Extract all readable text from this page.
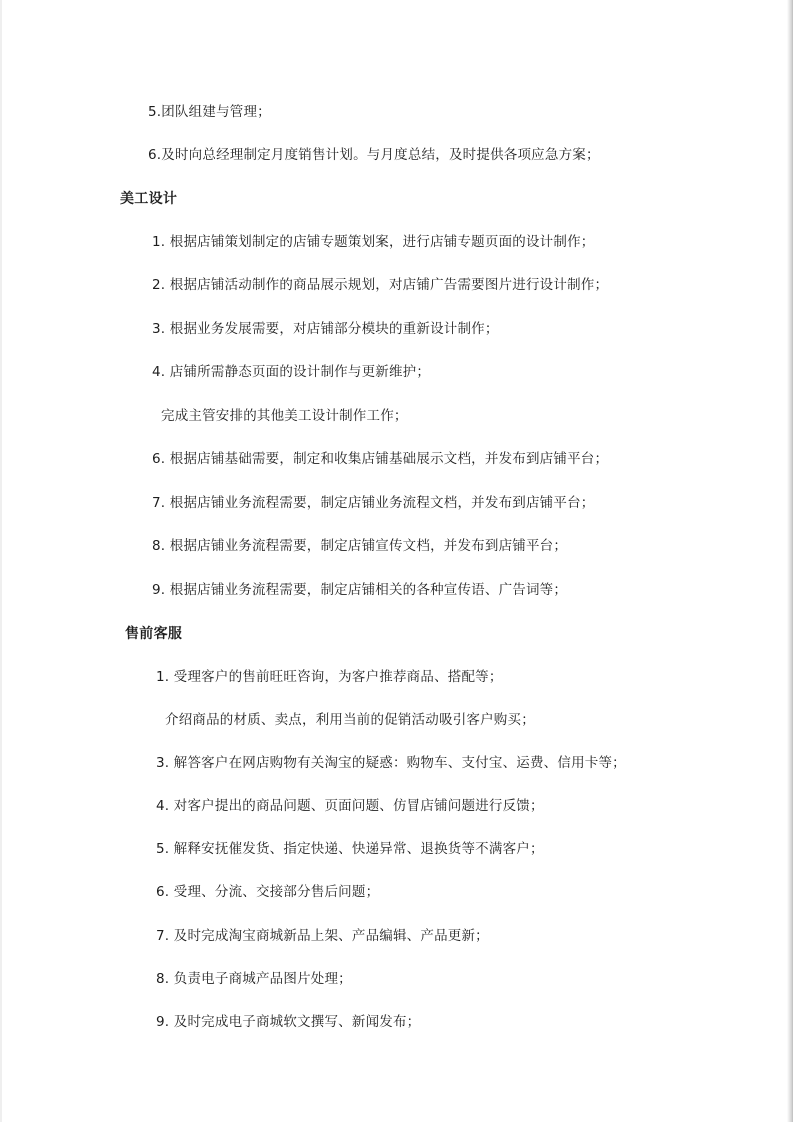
5.团队组建与管理；
6.及时向总经理制定月度销售计划。与月度总结，及时提供各项应急方案；
美工设计
1. 根据店铺策划制定的店铺专题策划案，进行店铺专题页面的设计制作；
2. 根据店铺活动制作的商品展示规划，对店铺广告需要图片进行设计制作；
3. 根据业务发展需要，对店铺部分模块的重新设计制作；
4. 店铺所需静态页面的设计制作与更新维护；
完成主管安排的其他美工设计制作工作；
6. 根据店铺基础需要，制定和收集店铺基础展示文档，并发布到店铺平台；
7. 根据店铺业务流程需要，制定店铺业务流程文档，并发布到店铺平台；
8. 根据店铺业务流程需要，制定店铺宣传文档，并发布到店铺平台；
9. 根据店铺业务流程需要，制定店铺相关的各种宣传语、广告词等；
售前客服
1. 受理客户的售前旺旺咨询，为客户推荐商品、搭配等；
介绍商品的材质、卖点，利用当前的促销活动吸引客户购买；
3. 解答客户在网店购物有关淘宝的疑惑：购物车、支付宝、运费、信用卡等；
4. 对客户提出的商品问题、页面问题、仿冒店铺问题进行反馈；
5. 解释安抚催发货、指定快递、快递异常、退换货等不满客户；
6. 受理、分流、交接部分售后问题；
7. 及时完成淘宝商城新品上架、产品编辑、产品更新；
8. 负责电子商城产品图片处理；
9. 及时完成电子商城软文撰写、新闻发布；
